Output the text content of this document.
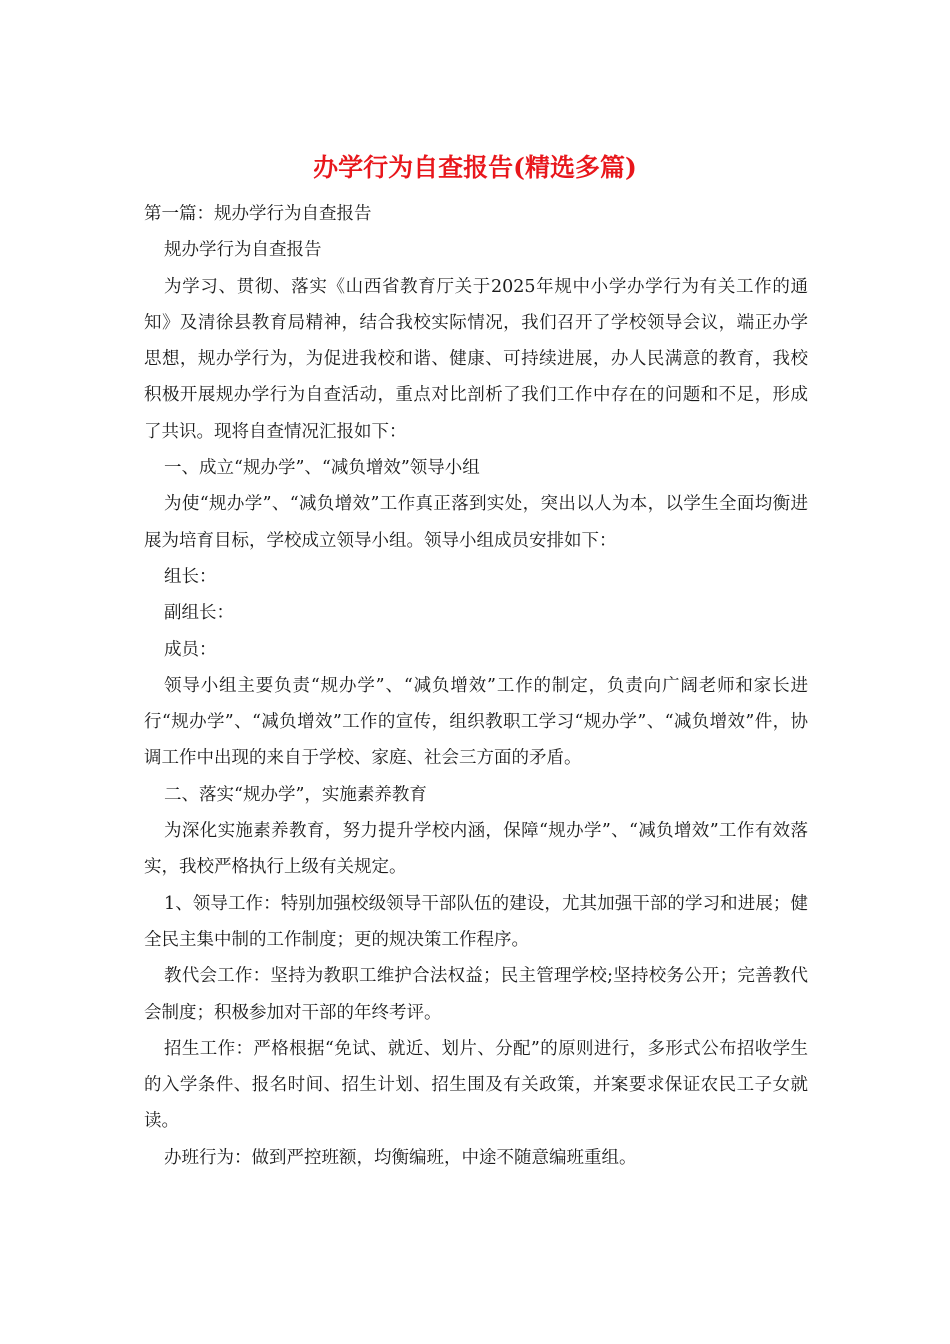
办学行为自查报告(精选多篇)

第一篇：规办学行为自查报告

规办学行为自查报告

为学习、贯彻、落实《山西省教育厅关于2025年规中小学办学行为有关工作的通知》及清徐县教育局精神，结合我校实际情况，我们召开了学校领导会议，端正办学思想，规办学行为，为促进我校和谐、健康、可持续进展，办人民满意的教育，我校积极开展规办学行为自查活动，重点对比剖析了我们工作中存在的问题和不足，形成了共识。现将自查情况汇报如下：

一、成立“规办学”、“减负增效”领导小组

为使“规办学”、“减负增效”工作真正落到实处，突出以人为本，以学生全面均衡进展为培育目标，学校成立领导小组。领导小组成员安排如下：

组长：

副组长：

成员：

领导小组主要负责“规办学”、“减负增效”工作的制定，负责向广阔老师和家长进行“规办学”、“减负增效”工作的宣传，组织教职工学习“规办学”、“减负增效”件，协调工作中出现的来自于学校、家庭、社会三方面的矛盾。

二、落实“规办学”，实施素养教育

为深化实施素养教育，努力提升学校内涵，保障“规办学”、“减负增效”工作有效落实，我校严格执行上级有关规定。

1、领导工作：特别加强校级领导干部队伍的建设，尤其加强干部的学习和进展；健全民主集中制的工作制度；更的规决策工作程序。

教代会工作：坚持为教职工维护合法权益；民主管理学校;坚持校务公开；完善教代会制度；积极参加对干部的年终考评。

招生工作：严格根据“免试、就近、划片、分配”的原则进行，多形式公布招收学生的入学条件、报名时间、招生计划、招生围及有关政策，并案要求保证农民工子女就读。

办班行为：做到严控班额，均衡编班，中途不随意编班重组。
